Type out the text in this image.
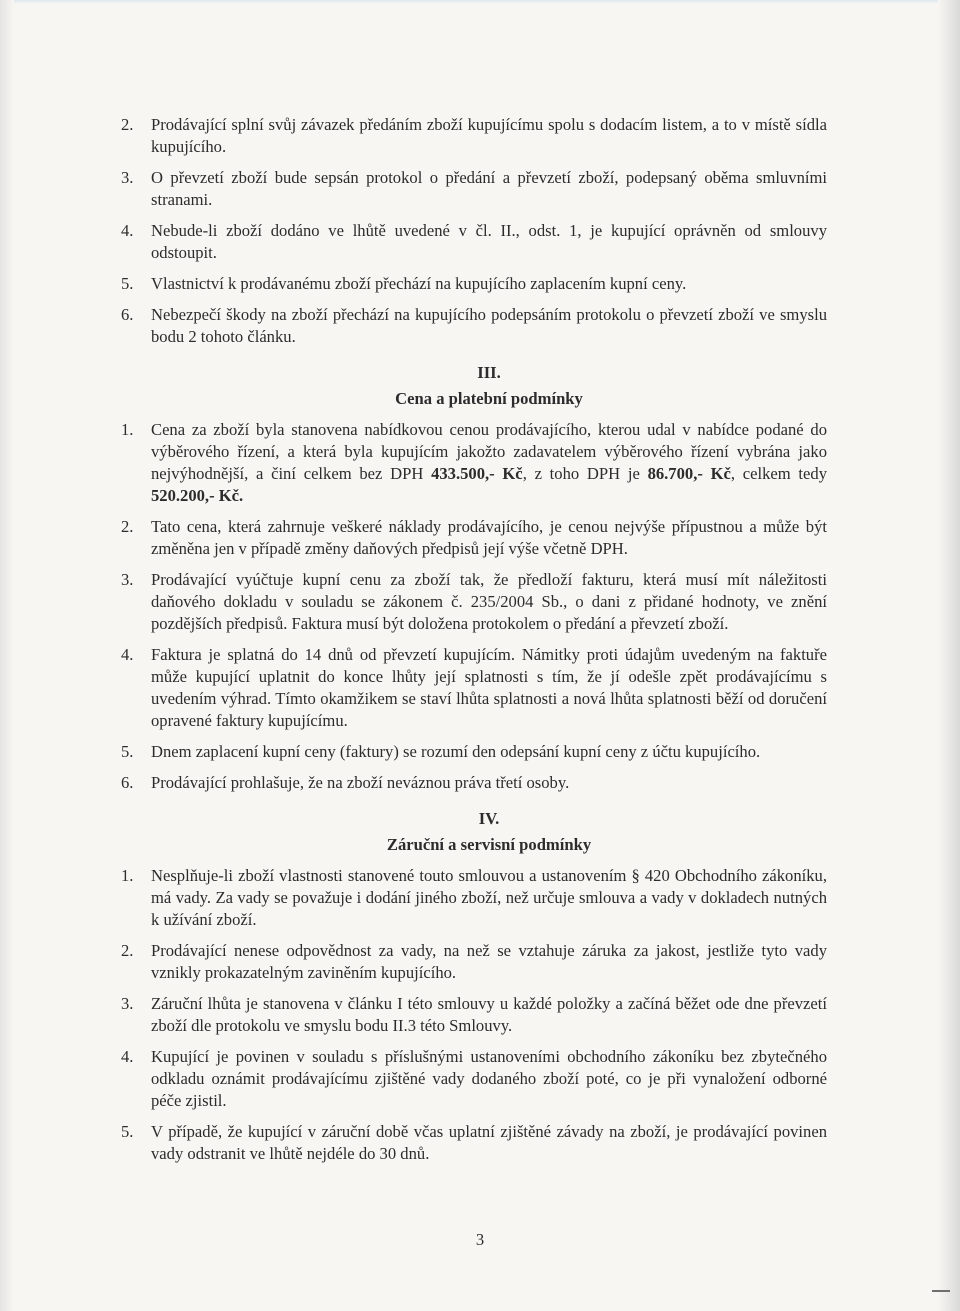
2.	Prodávající splní svůj závazek předáním zboží kupujícímu spolu s dodacím listem, a to v místě sídla kupujícího.
3.	O převzetí zboží bude sepsán protokol o předání a převzetí zboží, podepsaný oběma smluvními stranami.
4.	Nebude-li zboží dodáno ve lhůtě uvedené v čl. II., odst. 1, je kupující oprávněn od smlouvy odstoupit.
5.	Vlastnictví k prodávanému zboží přechází na kupujícího zaplacením kupní ceny.
6.	Nebezpečí škody na zboží přechází na kupujícího podepsáním protokolu o převzetí zboží ve smyslu bodu 2 tohoto článku.
III.
Cena a platební podmínky
1.	Cena za zboží byla stanovena nabídkovou cenou prodávajícího, kterou udal v nabídce podané do výběrového řízení, a která byla kupujícím jakožto zadavatelem výběrového řízení vybrána jako nejvýhodnější, a činí celkem bez DPH 433.500,- Kč, z toho DPH je 86.700,- Kč, celkem tedy 520.200,- Kč.
2.	Tato cena, která zahrnuje veškeré náklady prodávajícího, je cenou nejvýše přípustnou a může být změněna jen v případě změny daňových předpisů její výše včetně DPH.
3.	Prodávající vyúčtuje kupní cenu za zboží tak, že předloží fakturu, která musí mít náležitosti daňového dokladu v souladu se zákonem č. 235/2004 Sb., o dani z přidané hodnoty, ve znění pozdějších předpisů. Faktura musí být doložena protokolem o předání a převzetí zboží.
4.	Faktura je splatná do 14 dnů od převzetí kupujícím. Námitky proti údajům uvedeným na faktuře může kupující uplatnit do konce lhůty její splatnosti s tím, že jí odešle zpět prodávajícímu s uvedením výhrad. Tímto okamžikem se staví lhůta splatnosti a nová lhůta splatnosti běží od doručení opravené faktury kupujícímu.
5.	Dnem zaplacení kupní ceny (faktury) se rozumí den odepsání kupní ceny z účtu kupujícího.
6.	Prodávající prohlašuje, že na zboží neváznou práva třetí osoby.
IV.
Záruční a servisní podmínky
1.	Nesplňuje-li zboží vlastnosti stanovené touto smlouvou a ustanovením § 420 Obchodního zákoníku, má vady. Za vady se považuje i dodání jiného zboží, než určuje smlouva a vady v dokladech nutných k užívání zboží.
2.	Prodávající nenese odpovědnost za vady, na než se vztahuje záruka za jakost, jestliže tyto vady vznikly prokazatelným zaviněním kupujícího.
3.	Záruční lhůta je stanovena v článku I této smlouvy u každé položky a začíná běžet ode dne převzetí zboží dle protokolu ve smyslu bodu II.3 této Smlouvy.
4.	Kupující je povinen v souladu s příslušnými ustanoveními obchodního zákoníku bez zbytečného odkladu oznámit prodávajícímu zjištěné vady dodaného zboží poté, co je při vynaložení odborné péče zjistil.
5.	V případě, že kupující v záruční době včas uplatní zjištěné závady na zboží, je prodávající povinen vady odstranit ve lhůtě nejdéle do 30 dnů.
3
